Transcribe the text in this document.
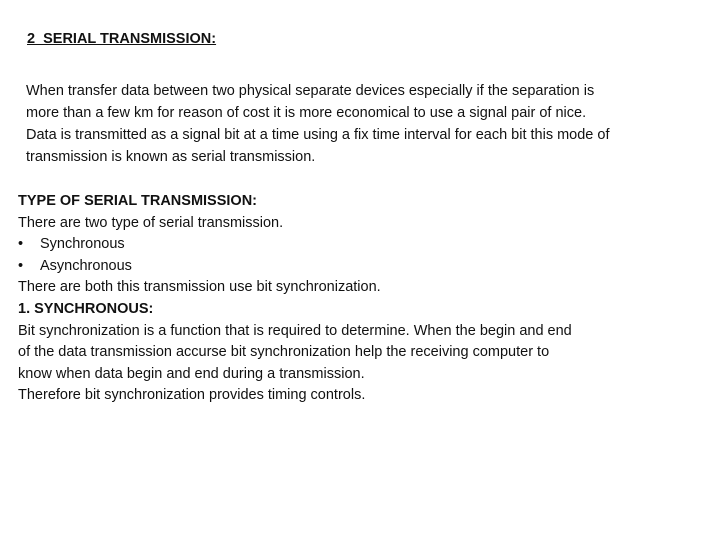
2  SERIAL TRANSMISSION:
When transfer data between two physical separate devices especially if the separation is
more than a few km for reason of cost it is more economical to use a signal pair of nice.
Data is transmitted as a signal bit at a time using a fix time interval for each bit this mode of
transmission is known as serial transmission.
TYPE OF SERIAL TRANSMISSION:
There are two type of serial transmission.
• Synchronous
• Asynchronous
There are both this transmission use bit synchronization.
1. SYNCHRONOUS:
Bit synchronization is a function that is required to determine. When the begin and end
of the data transmission accurse bit synchronization help the receiving computer to
know when data begin and end during a transmission.
Therefore bit synchronization provides timing controls.
